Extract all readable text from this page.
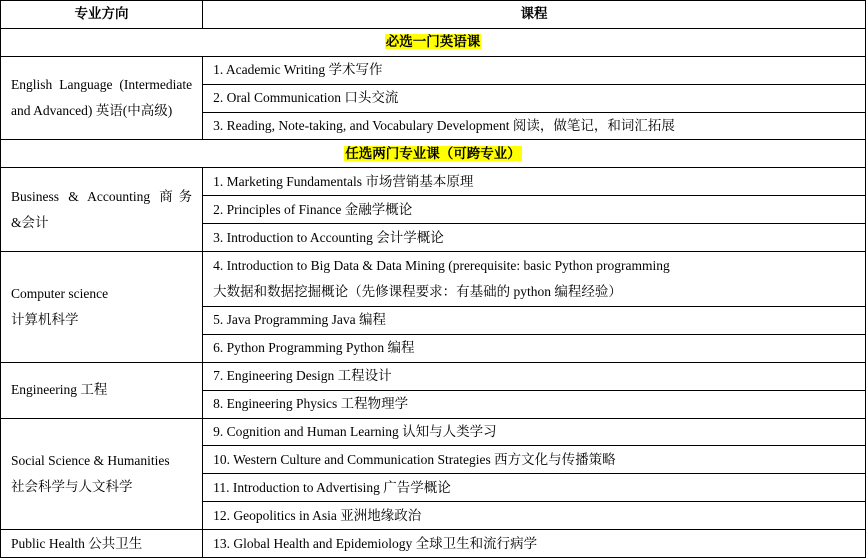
专业方向	课程
必选一门英语课	

English Language (Intermediate
and Advanced) 英语(中高级)	1. Academic Writing 学术写作
	2. Oral Communication 口头交流
	3. Reading, Note-taking, and Vocabulary Development 阅读，做笔记，和词汇拓展
任选两门专业课（可跨专业）	

Business & Accounting 商务
&会计	1. Marketing Fundamentals 市场营销基本原理
	2. Principles of Finance 金融学概论
	3. Introduction to Accounting 会计学概论

Computer science
计算机科学	4. Introduction to Big Data & Data Mining (prerequisite: basic Python programming
大数据和数据挖掘概论（先修课程要求：有基础的 python 编程经验）

	5. Java Programming Java 编程
	6. Python Programming Python 编程

Engineering 工程	7. Engineering Design 工程设计
	8. Engineering Physics 工程物理学

Social Science & Humanities
社会科学与人文科学	9. Cognition and Human Learning 认知与人类学习
	10. Western Culture and Communication Strategies 西方文化与传播策略
	11. Introduction to Advertising 广告学概论
	12. Geopolitics in Asia 亚洲地缘政治

Public Health 公共卫生	13. Global Health and Epidemiology 全球卫生和流行病学
